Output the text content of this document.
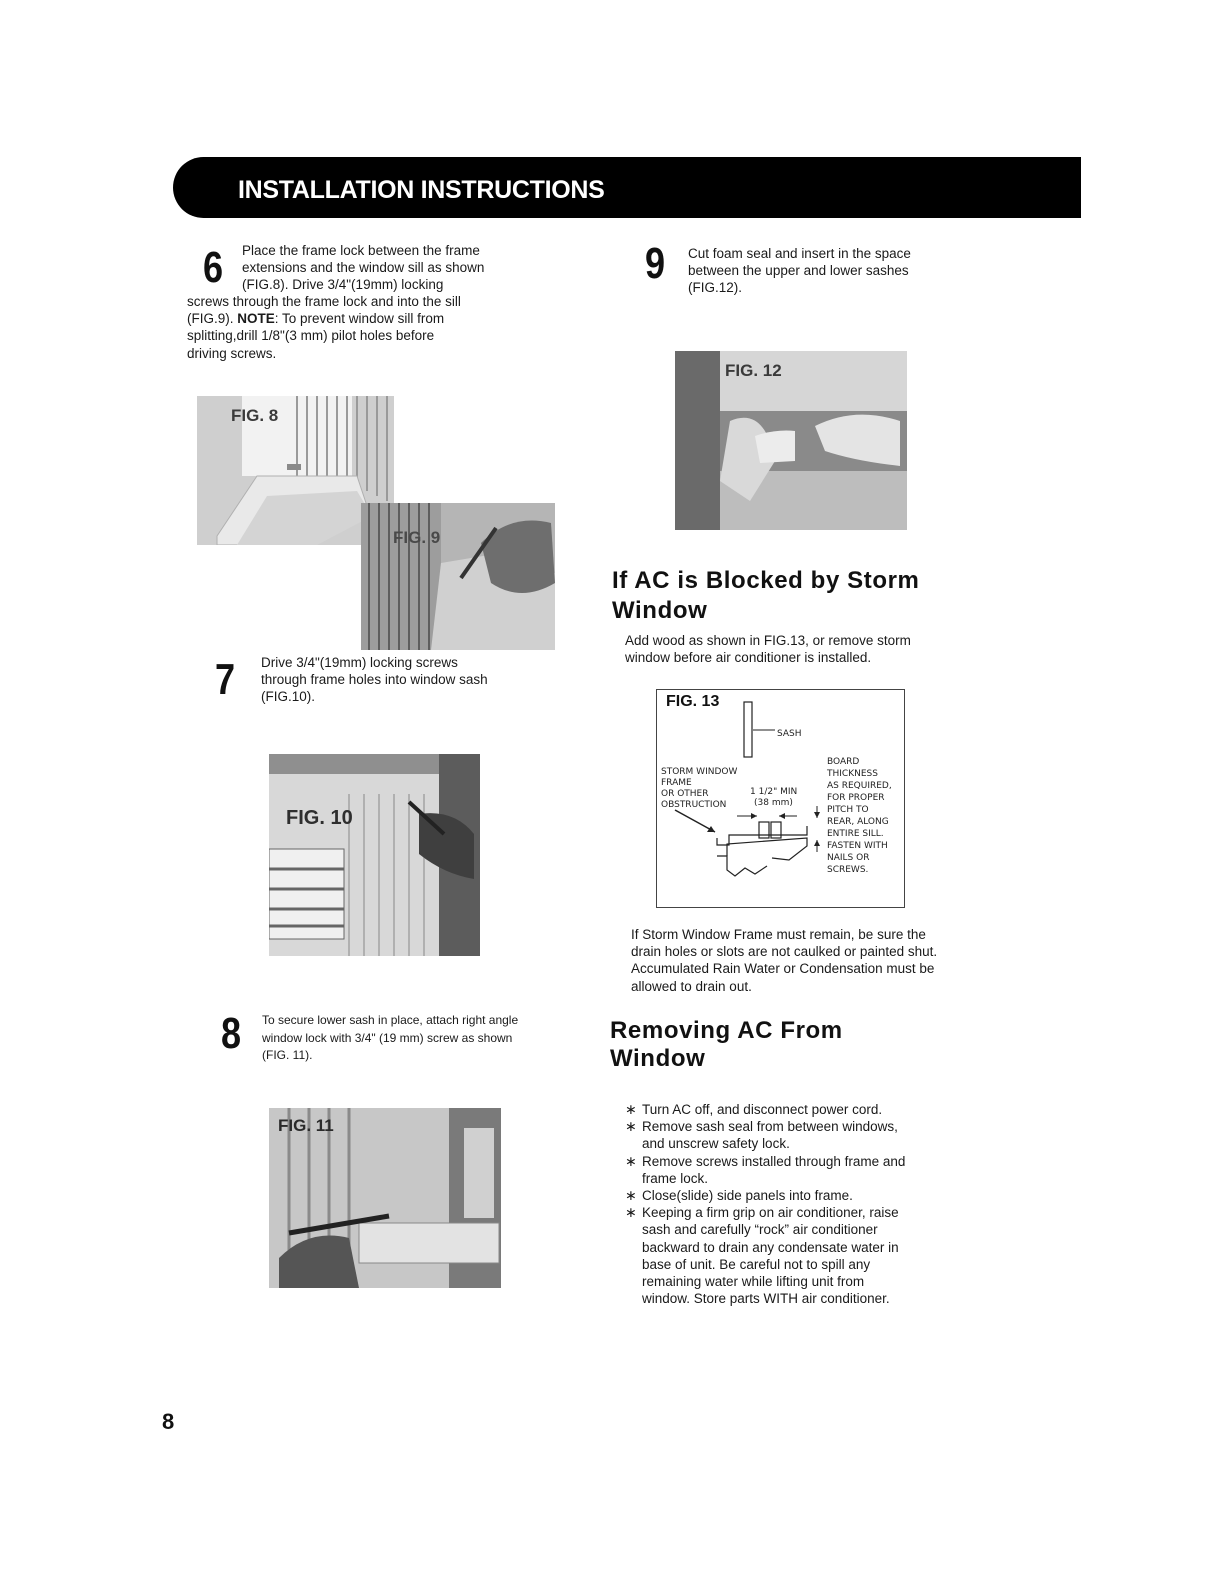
INSTALLATION INSTRUCTIONS
6 Place the frame lock between the frame
extensions and the window sill as shown
(FIG.8). Drive 3/4"(19mm) locking
screws through the frame lock and into the sill
(FIG.9). NOTE: To prevent window sill from
splitting,drill 1/8"(3 mm) pilot holes before
driving screws.
FIG. 8
FIG. 9
7 Drive 3/4"(19mm) locking screws
through frame holes into window sash
(FIG.10).
FIG. 10
8 To secure lower sash in place, attach right angle
window lock with 3/4" (19 mm) screw as shown
(FIG. 11).
FIG. 11
9 Cut foam seal and insert in the space
between the upper and lower sashes
(FIG.12).
FIG. 12
If AC is Blocked by Storm
Window
Add wood as shown in FIG.13, or remove storm
window before air conditioner is installed.
FIG. 13
SASH
STORM WINDOW
FRAME
OR OTHER
OBSTRUCTION
1 1/2" MIN
(38 mm)
BOARD
THICKNESS
AS REQUIRED,
FOR PROPER
PITCH TO
REAR, ALONG
ENTIRE SILL.
FASTEN WITH
NAILS OR
SCREWS.
If Storm Window Frame must remain, be sure the
drain holes or slots are not caulked or painted shut.
Accumulated Rain Water or Condensation must be
allowed to drain out.
Removing AC From
Window
∗ Turn AC off, and disconnect power cord.
∗ Remove sash seal from between windows,
and unscrew safety lock.
∗ Remove screws installed through frame and
frame lock.
∗ Close(slide) side panels into frame.
∗ Keeping a firm grip on air conditioner, raise
sash and carefully “rock” air conditioner
backward to drain any condensate water in
base of unit. Be careful not to spill any
remaining water while lifting unit from
window. Store parts WITH air conditioner.
8
